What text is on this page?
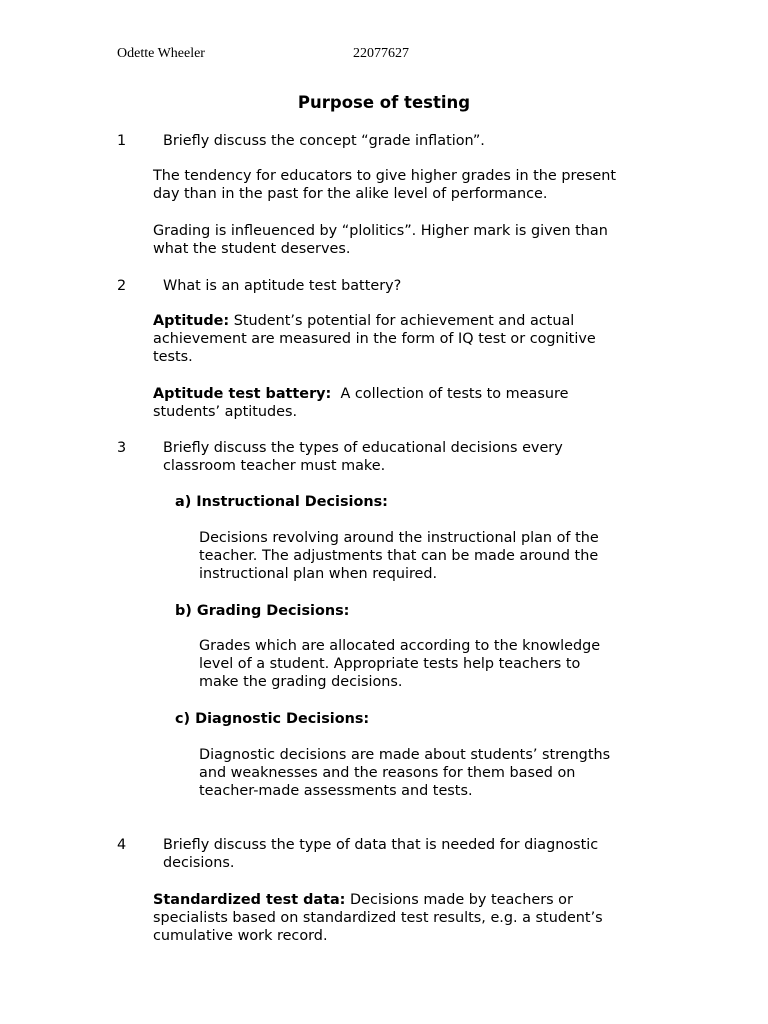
Odette Wheeler	22077627
Purpose of testing
1	Briefly discuss the concept “grade inflation”.
The tendency for educators to give higher grades in the present
day than in the past for the alike level of performance.
Grading is infleuenced by “plolitics”. Higher mark is given than
what the student deserves.
2	What is an aptitude test battery?
Aptitude: Student’s potential for achievement and actual
achievement are measured in the form of IQ test or cognitive
tests.
Aptitude test battery:  A collection of tests to measure
students’ aptitudes.
3	Briefly discuss the types of educational decisions every
classroom teacher must make.
a) Instructional Decisions:
Decisions revolving around the instructional plan of the
teacher. The adjustments that can be made around the
instructional plan when required.
b) Grading Decisions:
Grades which are allocated according to the knowledge
level of a student. Appropriate tests help teachers to
make the grading decisions.
c) Diagnostic Decisions:
Diagnostic decisions are made about students’ strengths
and weaknesses and the reasons for them based on
teacher-made assessments and tests.
4	Briefly discuss the type of data that is needed for diagnostic
decisions.
Standardized test data: Decisions made by teachers or
specialists based on standardized test results, e.g. a student’s
cumulative work record.
